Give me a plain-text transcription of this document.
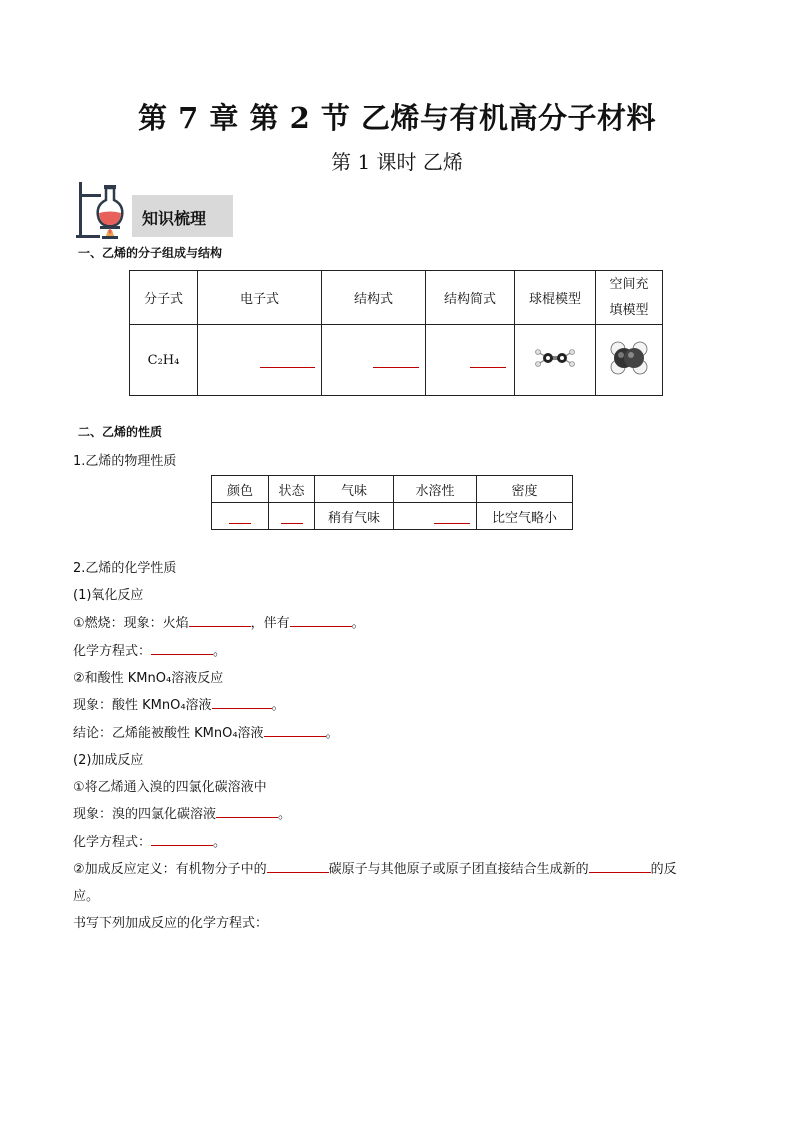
第 7 章 第 2 节 乙烯与有机高分子材料
第 1 课时 乙烯
知识梳理
一、乙烯的分子组成与结构
分子式	电子式	结构式	结构简式	球棍模型	空间充填模型
C₂H₄					
二、乙烯的性质
1.乙烯的物理性质
颜色	状态	气味	水溶性	密度
		稍有气味		比空气略小
2.乙烯的化学性质
(1)氧化反应
①燃烧：现象：火焰	，伴有	。
化学方程式：	。
②和酸性 KMnO₄溶液反应
现象：酸性 KMnO₄溶液	。
结论：乙烯能被酸性 KMnO₄溶液	。
(2)加成反应
①将乙烯通入溴的四氯化碳溶液中
现象：溴的四氯化碳溶液	。
化学方程式：	。
②加成反应定义：有机物分子中的	碳原子与其他原子或原子团直接结合生成新的	的反
应。
书写下列加成反应的化学方程式：
